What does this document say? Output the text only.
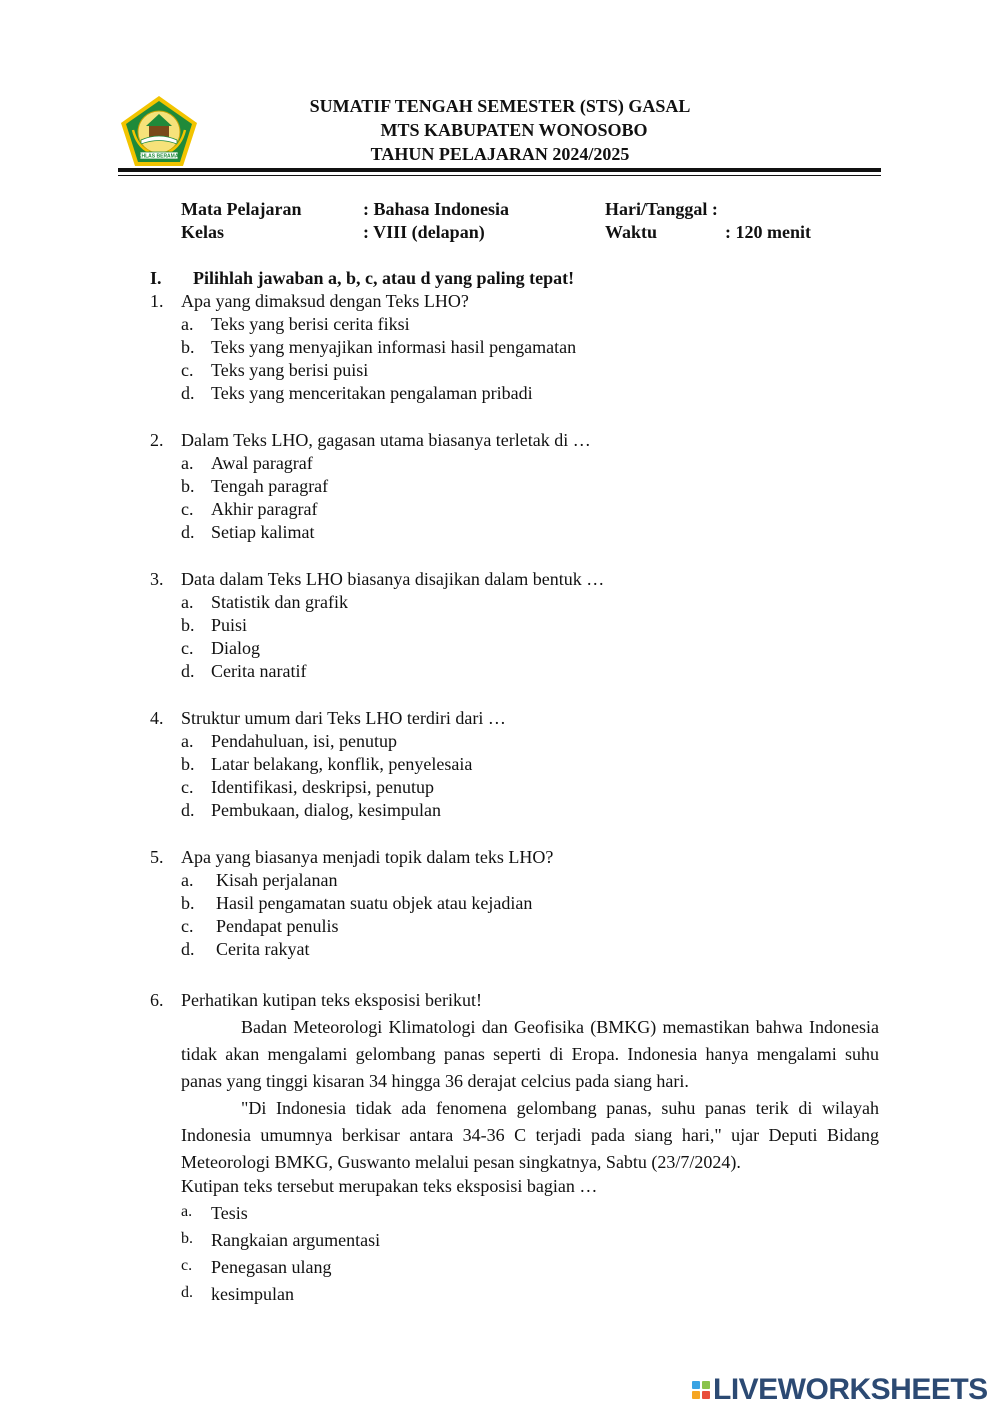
IKHLAS BERAMAL
SUMATIF TENGAH SEMESTER (STS) GASAL
MTS KABUPATEN WONOSOBO
TAHUN PELAJARAN 2024/2025
Mata Pelajaran	: Bahasa Indonesia	Hari/Tanggal :
Kelas	: VIII (delapan)	Waktu	: 120 menit
I. Pilihlah jawaban a, b, c, atau d yang paling tepat!
1. Apa yang dimaksud dengan Teks LHO?
a. Teks yang berisi cerita fiksi
b. Teks yang menyajikan informasi hasil pengamatan
c. Teks yang berisi puisi
d. Teks yang menceritakan pengalaman pribadi
2. Dalam Teks LHO, gagasan utama biasanya terletak di …
a. Awal paragraf
b. Tengah paragraf
c. Akhir paragraf
d. Setiap kalimat
3. Data dalam Teks LHO biasanya disajikan dalam bentuk …
a. Statistik dan grafik
b. Puisi
c. Dialog
d. Cerita naratif
4. Struktur umum dari Teks LHO terdiri dari …
a. Pendahuluan, isi, penutup
b. Latar belakang, konflik, penyelesaia
c. Identifikasi, deskripsi, penutup
d. Pembukaan, dialog, kesimpulan
5. Apa yang biasanya menjadi topik dalam teks LHO?
a. Kisah perjalanan
b. Hasil pengamatan suatu objek atau kejadian
c. Pendapat penulis
d. Cerita rakyat
6. Perhatikan kutipan teks eksposisi berikut!
Badan Meteorologi Klimatologi dan Geofisika (BMKG) memastikan bahwa Indonesia tidak akan mengalami gelombang panas seperti di Eropa. Indonesia hanya mengalami suhu panas yang tinggi kisaran 34 hingga 36 derajat celcius pada siang hari.
"Di Indonesia tidak ada fenomena gelombang panas, suhu panas terik di wilayah Indonesia umumnya berkisar antara 34-36 C terjadi pada siang hari," ujar Deputi Bidang Meteorologi BMKG, Guswanto melalui pesan singkatnya, Sabtu (23/7/2024).
Kutipan teks tersebut merupakan teks eksposisi bagian …
a. Tesis
b. Rangkaian argumentasi
c. Penegasan ulang
d. kesimpulan
LIVEWORKSHEETS
